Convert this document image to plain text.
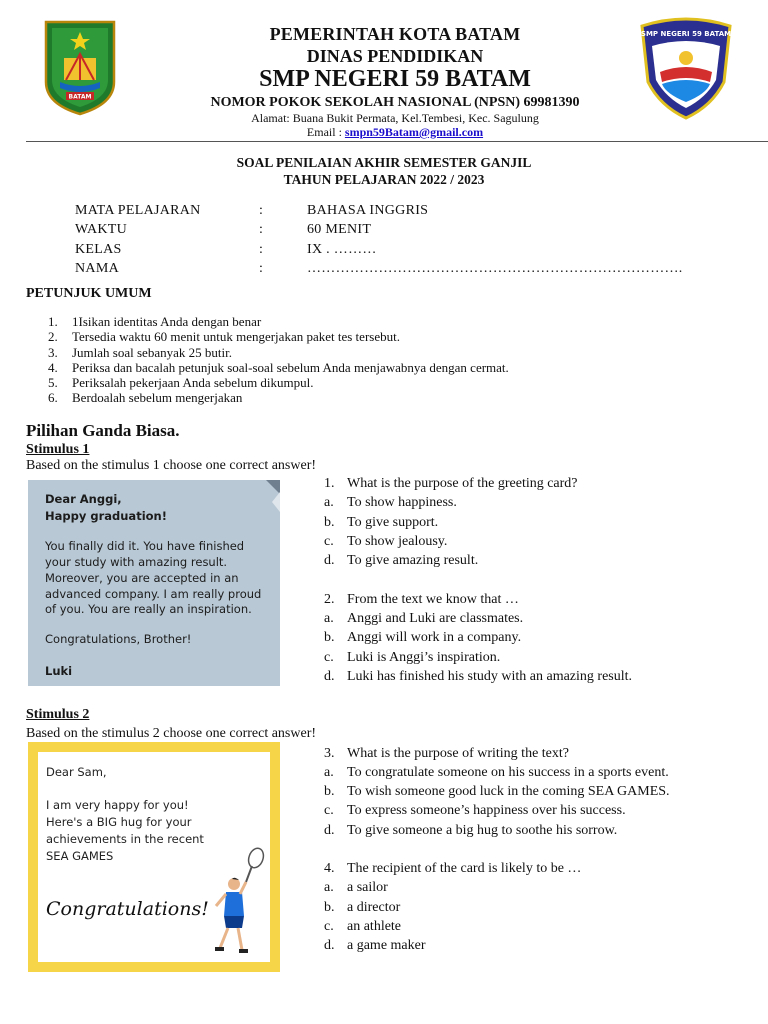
BATAM
SMP NEGERI 59 BATAM
PEMERINTAH KOTA BATAM
DINAS PENDIDIKAN
SMP NEGERI 59 BATAM
NOMOR POKOK SEKOLAH NASIONAL (NPSN) 69981390
Alamat: Buana Bukit Permata, Kel.Tembesi, Kec. Sagulung
Email : smpn59Batam@gmail.com
SOAL PENILAIAN AKHIR SEMESTER GANJIL
TAHUN PELAJARAN 2022 / 2023
MATA PELAJARAN	:	BAHASA INGGRIS
WAKTU	:	60 MENIT
KELAS	:	IX . ………
NAMA	:	…………………………………………………………………….
PETUNJUK UMUM
1. 1Isikan identitas Anda dengan benar
2. Tersedia waktu 60 menit untuk mengerjakan paket tes tersebut.
3. Jumlah soal sebanyak 25 butir.
4. Periksa dan bacalah petunjuk soal-soal sebelum Anda menjawabnya dengan cermat.
5. Periksalah pekerjaan Anda sebelum dikumpul.
6. Berdoalah sebelum mengerjakan
Pilihan Ganda Biasa.
Stimulus 1
Based on the stimulus 1 choose one correct answer!
Dear Anggi,
Happy graduation!
You finally did it. You have finished
your study with amazing result.
Moreover, you are accepted in an
advanced company. I am really proud
of you. You are really an inspiration.
Congratulations, Brother!
Luki
1. What is the purpose of the greeting card?
a. To show happiness.
b. To give support.
c. To show jealousy.
d. To give amazing result.
2. From the text we know that …
a. Anggi and Luki are classmates.
b. Anggi will work in a company.
c. Luki is Anggi’s inspiration.
d. Luki has finished his study with an amazing result.
Stimulus 2
Based on the stimulus 2 choose one correct answer!
Dear Sam,
I am very happy for you!
Here's a BIG hug for your
achievements in the recent
SEA GAMES
Congratulations!
3. What is the purpose of writing the text?
a. To congratulate someone on his success in a sports event.
b. To wish someone good luck in the coming SEA GAMES.
c. To express someone’s happiness over his success.
d. To give someone a big hug to soothe his sorrow.
4. The recipient of the card is likely to be …
a. a sailor
b. a director
c. an athlete
d. a game maker
